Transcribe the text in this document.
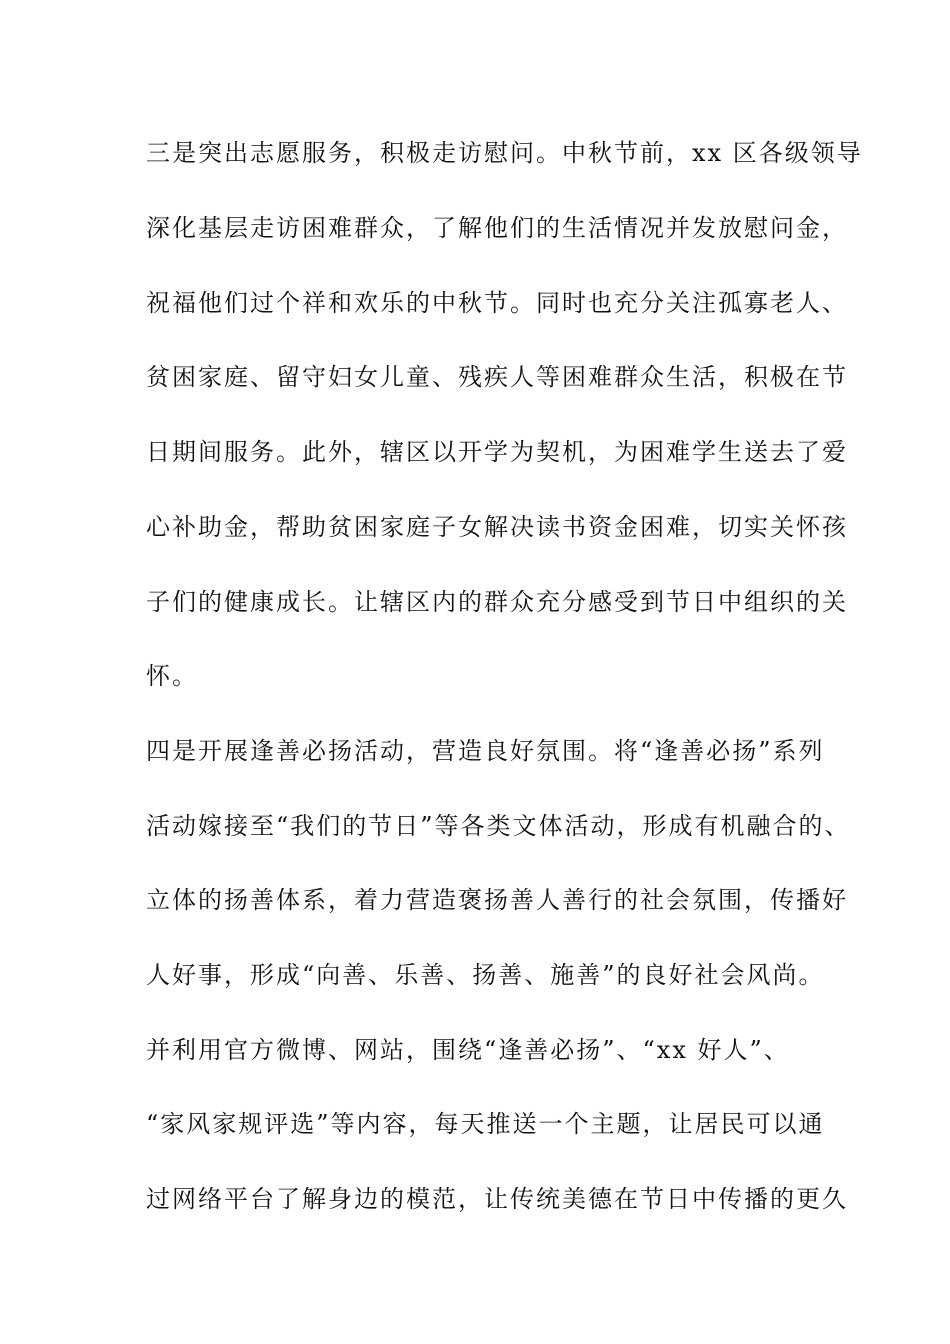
三是突出志愿服务，积极走访慰问。中秋节前，xx 区各级领导
深化基层走访困难群众，了解他们的生活情况并发放慰问金，
祝福他们过个祥和欢乐的中秋节。同时也充分关注孤寡老人、
贫困家庭、留守妇女儿童、残疾人等困难群众生活，积极在节
日期间服务。此外，辖区以开学为契机，为困难学生送去了爱
心补助金，帮助贫困家庭子女解决读书资金困难，切实关怀孩
子们的健康成长。让辖区内的群众充分感受到节日中组织的关
怀。
四是开展逢善必扬活动，营造良好氛围。将“逢善必扬”系列
活动嫁接至“我们的节日”等各类文体活动，形成有机融合的、
立体的扬善体系，着力营造褒扬善人善行的社会氛围，传播好
人好事，形成“向善、乐善、扬善、施善”的良好社会风尚。
并利用官方微博、网站，围绕“逢善必扬”、“xx 好人”、
“家风家规评选”等内容，每天推送一个主题，让居民可以通
过网络平台了解身边的模范，让传统美德在节日中传播的更久
